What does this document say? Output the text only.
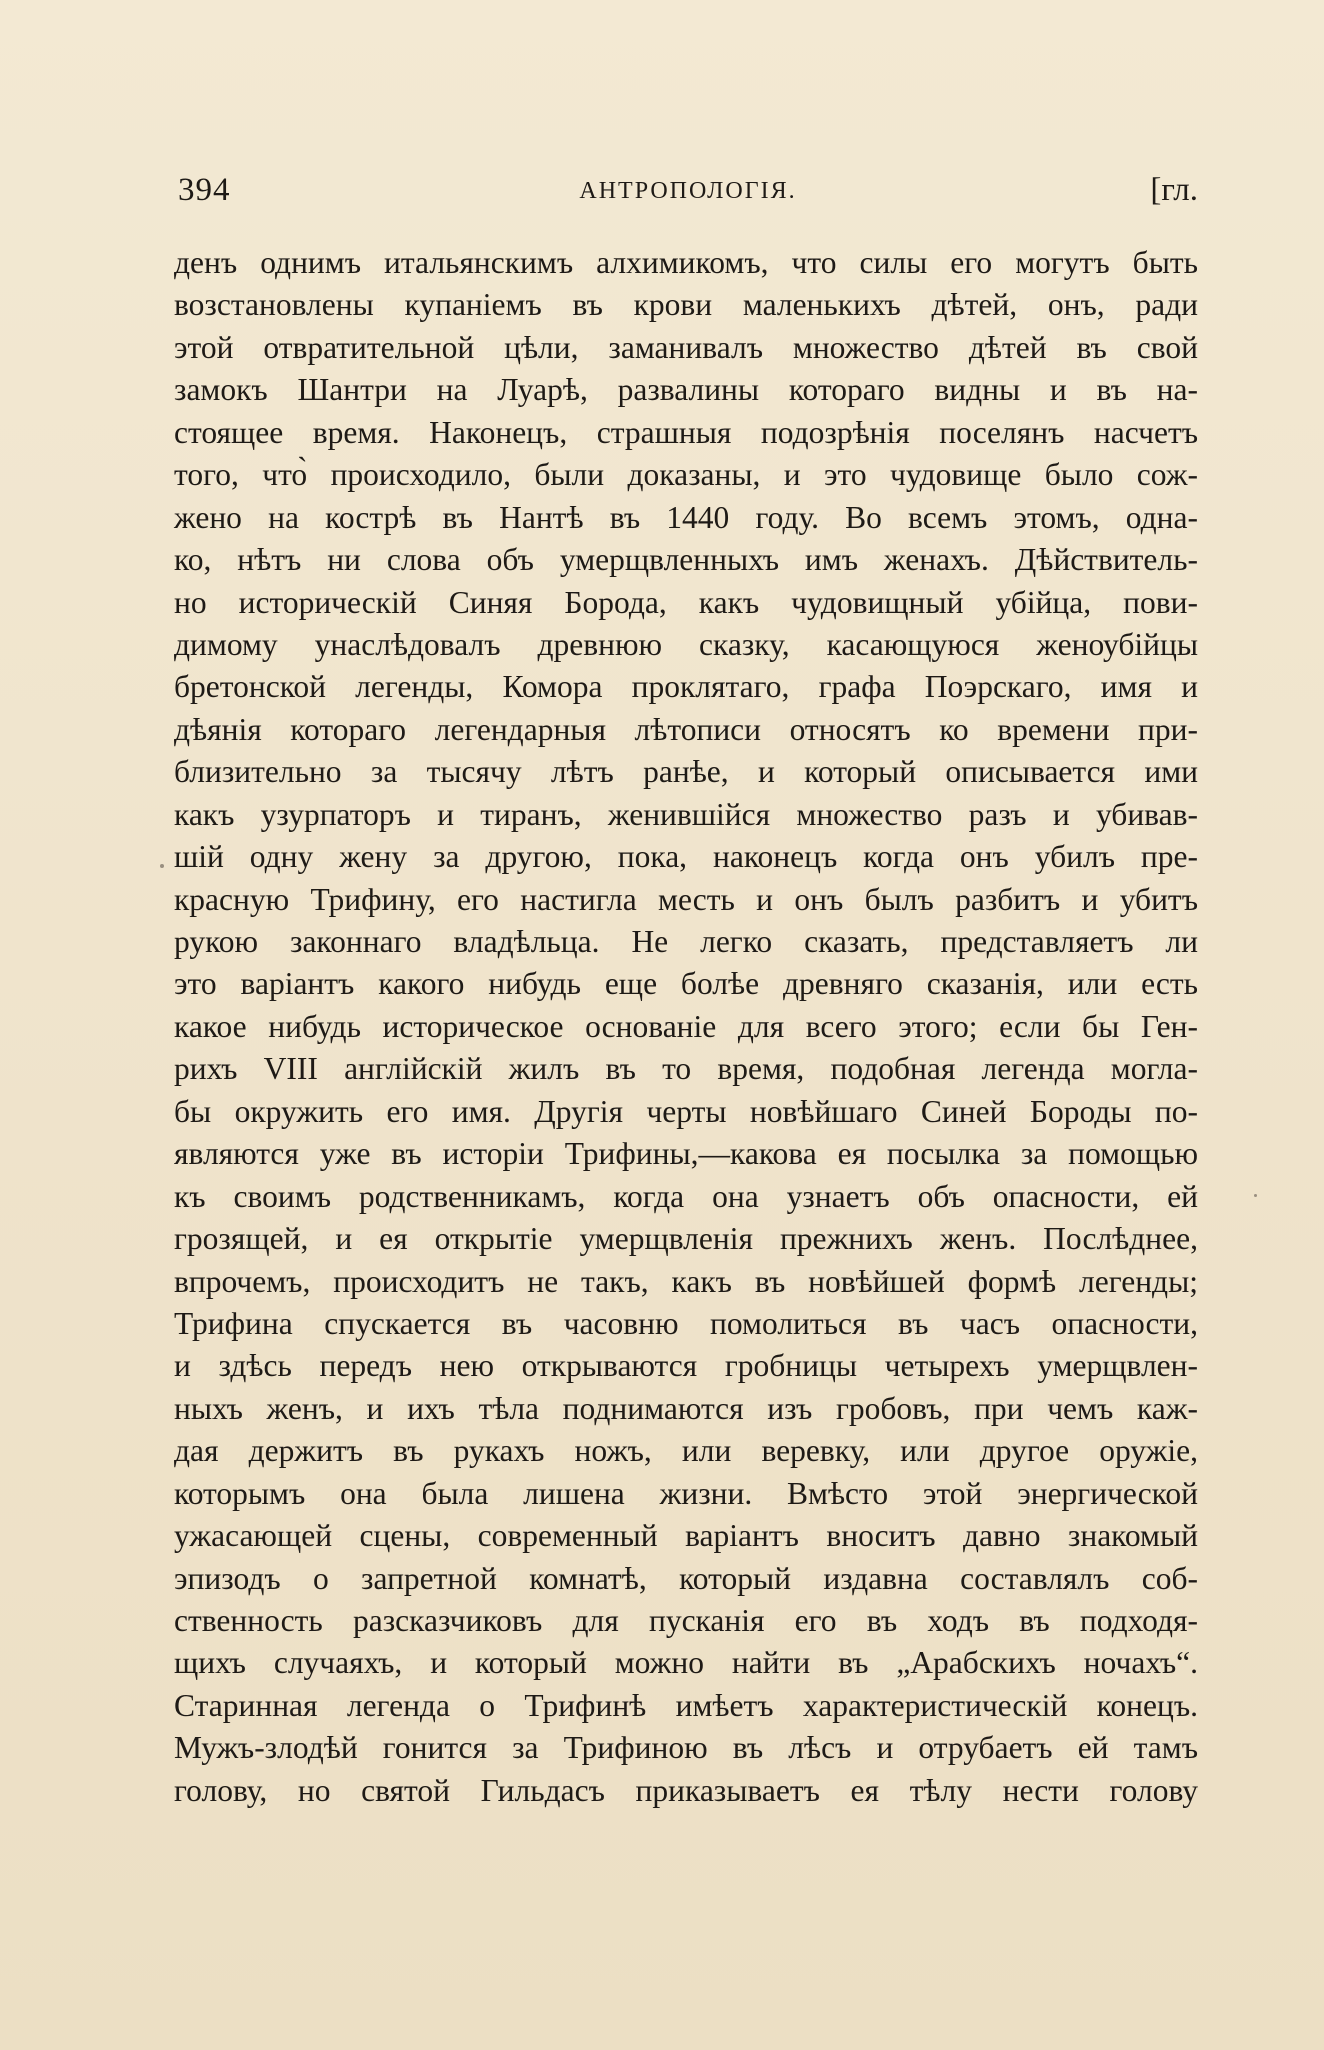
394	АНТРОПОЛОГІЯ.	[гл.
денъ однимъ итальянскимъ алхимикомъ, что силы его могутъ быть
возстановлены купаніемъ въ крови маленькихъ дѣтей, онъ, ради
этой отвратительной цѣли, заманивалъ множество дѣтей въ свой
замокъ Шантри на Луарѣ, развалины котораго видны и въ на-
стоящее время. Наконецъ, страшныя подозрѣнія поселянъ насчетъ
того, что̀ происходило, были доказаны, и это чудовище было сож-
жено на кострѣ въ Нантѣ въ 1440 году. Во всемъ этомъ, одна-
ко, нѣтъ ни слова объ умерщвленныхъ имъ женахъ. Дѣйствитель-
но историческій Синяя Борода, какъ чудовищный убійца, пови-
димому унаслѣдовалъ древнюю сказку, касающуюся женоубійцы
бретонской легенды, Комора проклятаго, графа Поэрскаго, имя и
дѣянія котораго легендарныя лѣтописи относятъ ко времени при-
близительно за тысячу лѣтъ ранѣе, и который описывается ими
какъ узурпаторъ и тиранъ, женившійся множество разъ и убивав-
шій одну жену за другою, пока, наконецъ когда онъ убилъ пре-
красную Трифину, его настигла месть и онъ былъ разбитъ и убитъ
рукою законнаго владѣльца. Не легко сказать, представляетъ ли
это варіантъ какого нибудь еще болѣе древняго сказанія, или есть
какое нибудь историческое основаніе для всего этого; если бы Ген-
рихъ VIII англійскій жилъ въ то время, подобная легенда могла-
бы окружить его имя. Другія черты новѣйшаго Синей Бороды по-
являются уже въ исторіи Трифины,—какова ея посылка за помощью
къ своимъ родственникамъ, когда она узнаетъ объ опасности, ей
грозящей, и ея открытіе умерщвленія прежнихъ женъ. Послѣднее,
впрочемъ, происходитъ не такъ, какъ въ новѣйшей формѣ легенды;
Трифина спускается въ часовню помолиться въ часъ опасности,
и здѣсь передъ нею открываются гробницы четырехъ умерщвлен-
ныхъ женъ, и ихъ тѣла поднимаются изъ гробовъ, при чемъ каж-
дая держитъ въ рукахъ ножъ, или веревку, или другое оружіе,
которымъ она была лишена жизни. Вмѣсто этой энергической
ужасающей сцены, современный варіантъ вноситъ давно знакомый
эпизодъ о запретной комнатѣ, который издавна составлялъ соб-
ственность разсказчиковъ для пусканія его въ ходъ въ подходя-
щихъ случаяхъ, и который можно найти въ „Арабскихъ ночахъ“.
Старинная легенда о Трифинѣ имѣетъ характеристическій конецъ.
Мужъ-злодѣй гонится за Трифиною въ лѣсъ и отрубаетъ ей тамъ
голову, но святой Гильдасъ приказываетъ ея тѣлу нести голову
